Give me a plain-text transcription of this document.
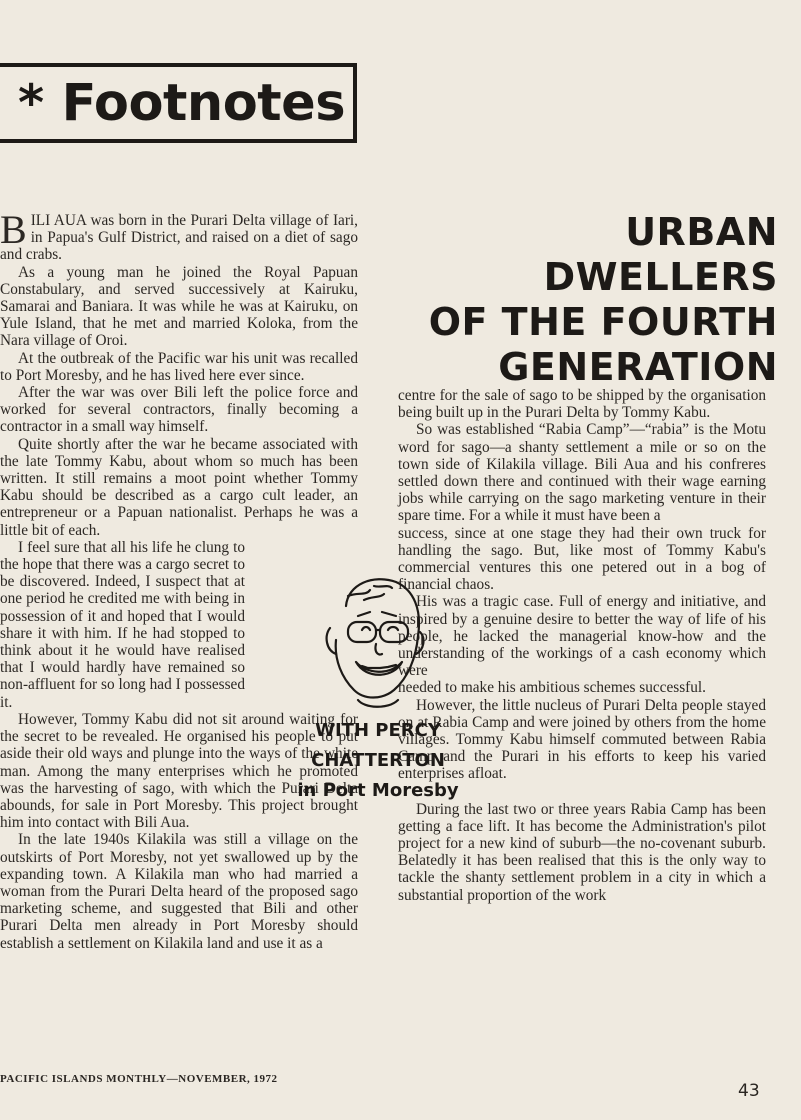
* Footnotes

BILI AUA was born in the Purari Delta village of Iari, in Papua's Gulf District, and raised on a diet of sago and crabs.

As a young man he joined the Royal Papuan Constabulary, and served successively at Kairuku, Samarai and Baniara. It was while he was at Kairuku, on Yule Island, that he met and married Koloka, from the Nara village of Oroi.

At the outbreak of the Pacific war his unit was recalled to Port Moresby, and he has lived here ever since.

After the war was over Bili left the police force and worked for several contractors, finally becoming a contractor in a small way himself.

Quite shortly after the war he became associated with the late Tommy Kabu, about whom so much has been written. It still remains a moot point whether Tommy Kabu should be described as a cargo cult leader, an entrepreneur or a Papuan nationalist. Perhaps he was a little bit of each.

I feel sure that all his life he clung to the hope that there was a cargo secret to be discovered. Indeed, I suspect that at one period he credited me with being in possession of it and hoped that I would share it with him. If he had stopped to think about it he would have realised that I would hardly have remained so non-affluent for so long had I possessed it.

However, Tommy Kabu did not sit around waiting for the secret to be revealed. He organised his people to put aside their old ways and plunge into the ways of the white man. Among the many enterprises which he promoted was the harvesting of sago, with which the Purari Delta abounds, for sale in Port Moresby. This project brought him into contact with Bili Aua.

In the late 1940s Kilakila was still a village on the outskirts of Port Moresby, not yet swallowed up by the expanding town. A Kilakila man who had married a woman from the Purari Delta heard of the proposed sago marketing scheme, and suggested that Bili and other Purari Delta men already in Port Moresby should establish a settlement on Kilakila land and use it as a

URBAN DWELLERS
OF THE FOURTH
GENERATION

centre for the sale of sago to be shipped by the organisation being built up in the Purari Delta by Tommy Kabu.

So was established “Rabia Camp”—“rabia” is the Motu word for sago—a shanty settlement a mile or so on the town side of Kilakila village. Bili Aua and his confreres settled down there and continued with their wage earning jobs while carrying on the sago marketing venture in their spare time. For a while it must have been a

success, since at one stage they had their own truck for handling the sago. But, like most of Tommy Kabu's commercial ventures this one petered out in a bog of financial chaos.

His was a tragic case. Full of energy and initiative, and inspired by a genuine desire to better the way of life of his people, he lacked the managerial know-how and the understanding of the workings of a cash economy which were

needed to make his ambitious schemes successful.

However, the little nucleus of Purari Delta people stayed on at Rabia Camp and were joined by others from the home villages. Tommy Kabu himself commuted between Rabia Camp and the Purari in his efforts to keep his varied enterprises afloat.

During the last two or three years Rabia Camp has been getting a face lift. It has become the Administration's pilot project for a new kind of suburb—the no-covenant suburb. Belatedly it has been realised that this is the only way to tackle the shanty settlement problem in a city in which a substantial proportion of the work

WITH PERCY CHATTERTON
in Port Moresby
PACIFIC ISLANDS MONTHLY—NOVEMBER, 1972
43
